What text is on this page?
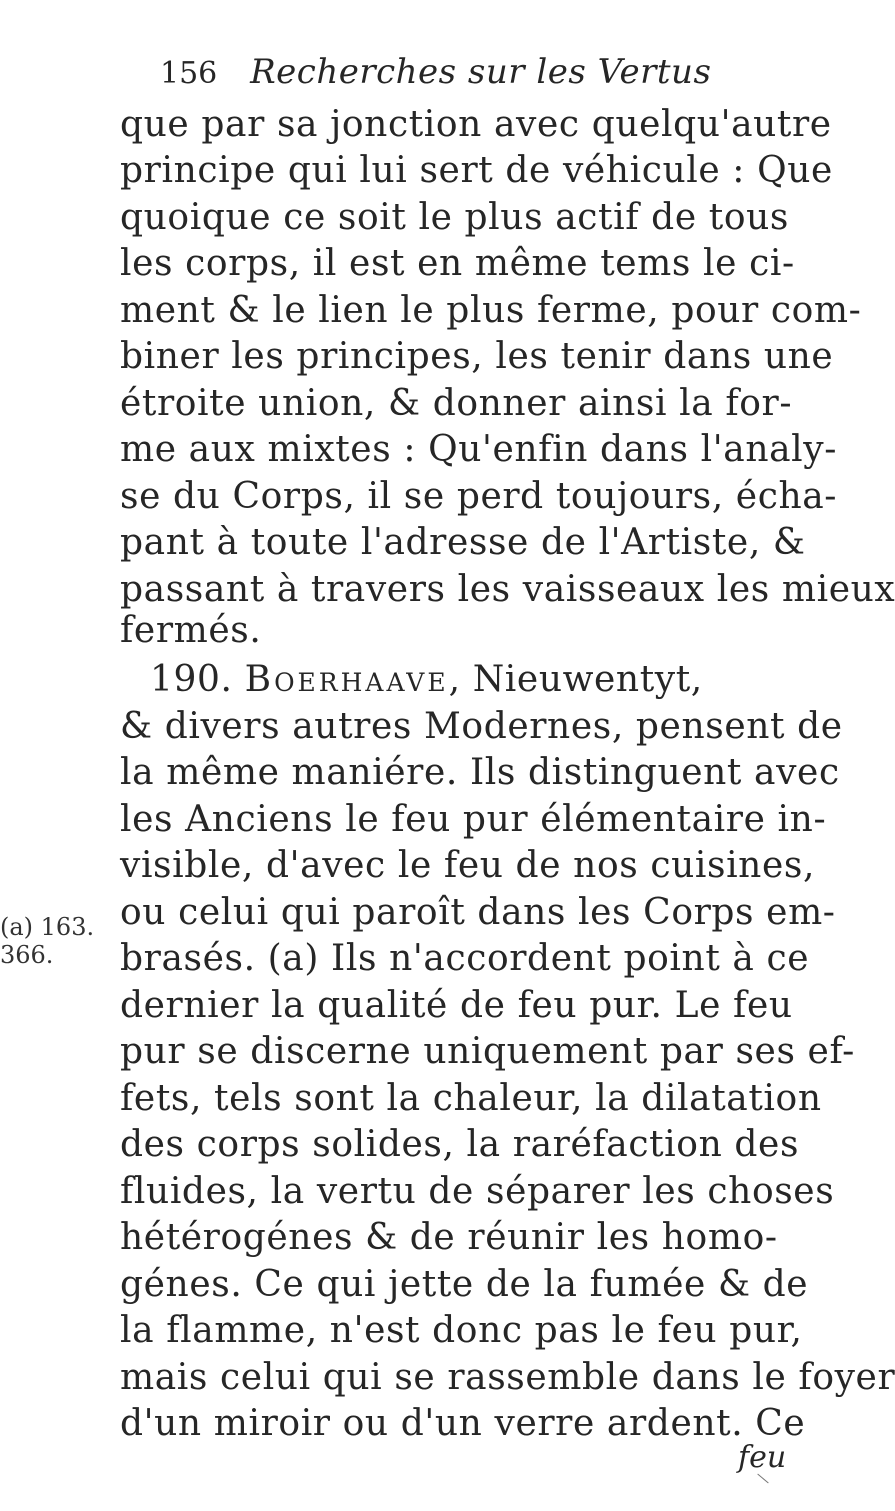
156 Recherches sur les Vertus
que par sa jonction avec quelqu'autre
principe qui lui sert de véhicule : Que
quoique ce soit le plus actif de tous
les corps, il est en même tems le ci-
ment & le lien le plus ferme, pour com-
biner les principes, les tenir dans une
étroite union, & donner ainsi la for-
me aux mixtes : Qu'enfin dans l'analy-
se du Corps, il se perd toujours, écha-
pant à toute l'adresse de l'Artiste, &
passant à travers les vaisseaux les mieux
fermés.
190. Boerhaave, Nieuwentyt,
& divers autres Modernes, pensent de
la même maniére. Ils distinguent avec
les Anciens le feu pur élémentaire in-
visible, d'avec le feu de nos cuisines,
ou celui qui paroît dans les Corps em-
brasés. (a) Ils n'accordent point à ce
dernier la qualité de feu pur. Le feu
pur se discerne uniquement par ses ef-
fets, tels sont la chaleur, la dilatation
des corps solides, la raréfaction des
fluides, la vertu de séparer les choses
hétérogénes & de réunir les homo-
génes. Ce qui jette de la fumée & de
la flamme, n'est donc pas le feu pur,
mais celui qui se rassemble dans le foyer
d'un miroir ou d'un verre ardent. Ce
(a) 163.
366.
feu
